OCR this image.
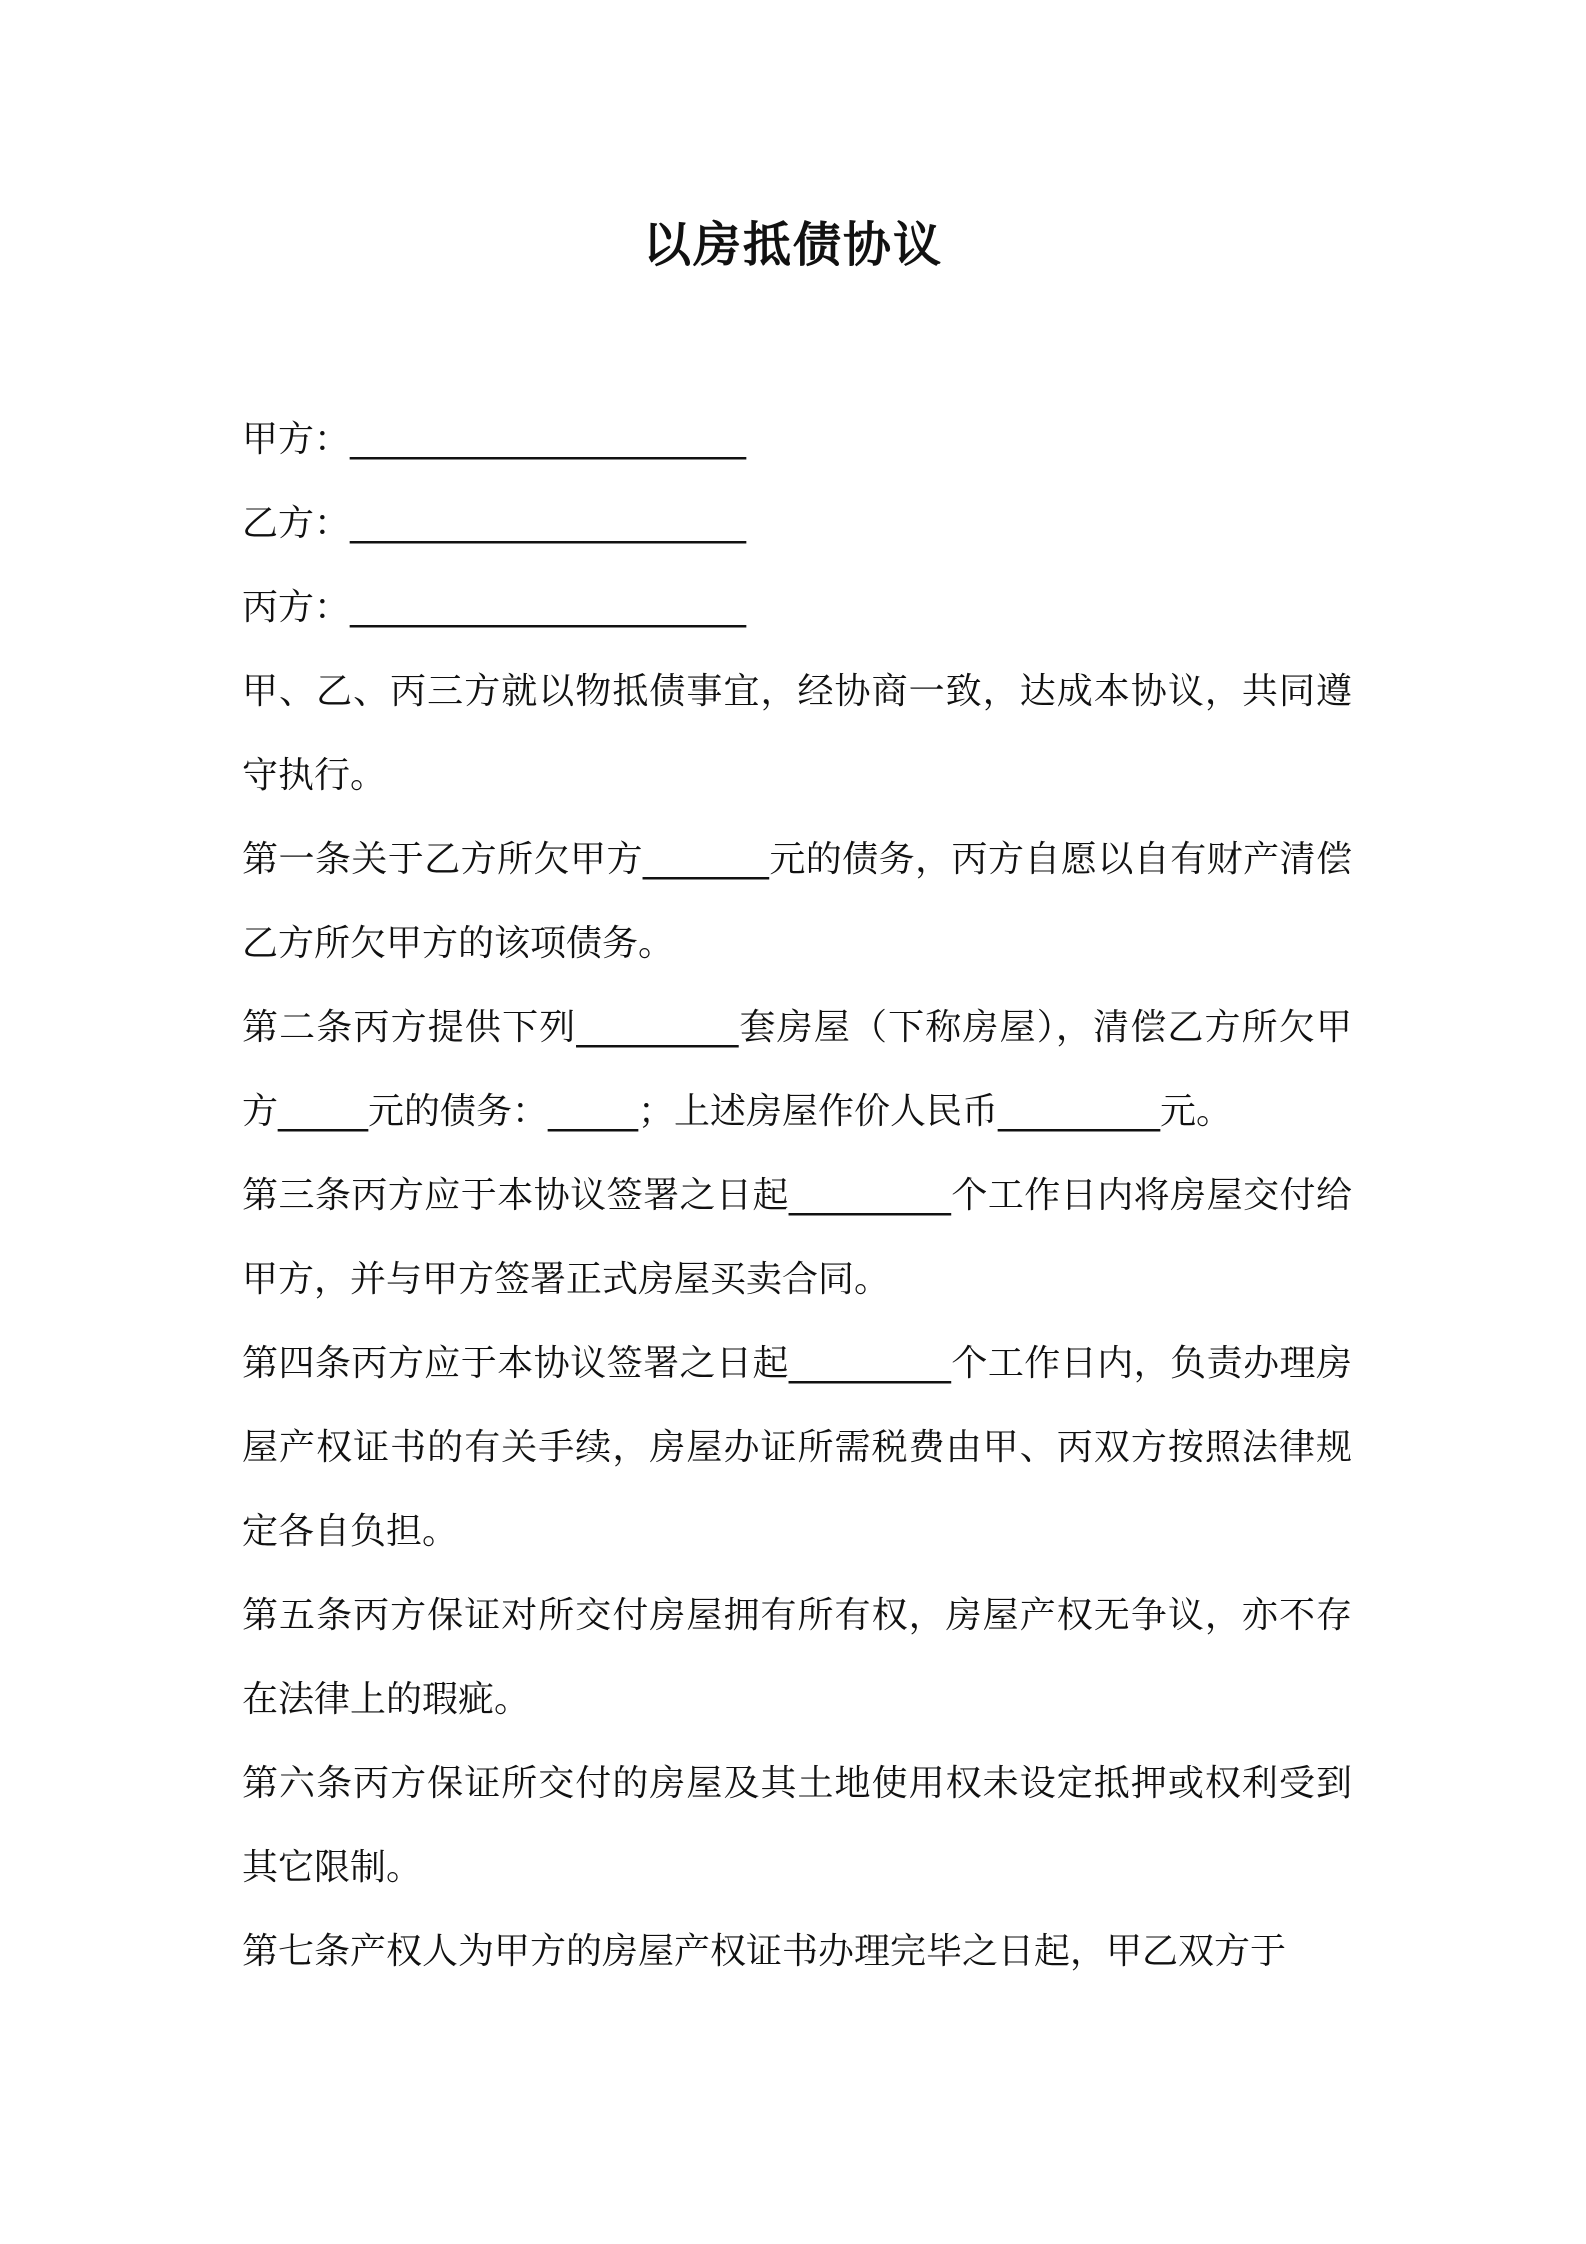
以房抵债协议
甲方：______________________
乙方：______________________
丙方：______________________

甲、乙、丙三方就以物抵债事宜，经协商一致，达成本协议，共同遵守执行。

第一条关于乙方所欠甲方_______元的债务，丙方自愿以自有财产清偿乙方所欠甲方的该项债务。

第二条丙方提供下列_________套房屋（下称房屋），清偿乙方所欠甲方_____元的债务：_____；上述房屋作价人民币_________元。

第三条丙方应于本协议签署之日起_________个工作日内将房屋交付给甲方，并与甲方签署正式房屋买卖合同。

第四条丙方应于本协议签署之日起_________个工作日内，负责办理房屋产权证书的有关手续，房屋办证所需税费由甲、丙双方按照法律规定各自负担。

第五条丙方保证对所交付房屋拥有所有权，房屋产权无争议，亦不存在法律上的瑕疵。

第六条丙方保证所交付的房屋及其土地使用权未设定抵押或权利受到其它限制。

第七条产权人为甲方的房屋产权证书办理完毕之日起，甲乙双方于
